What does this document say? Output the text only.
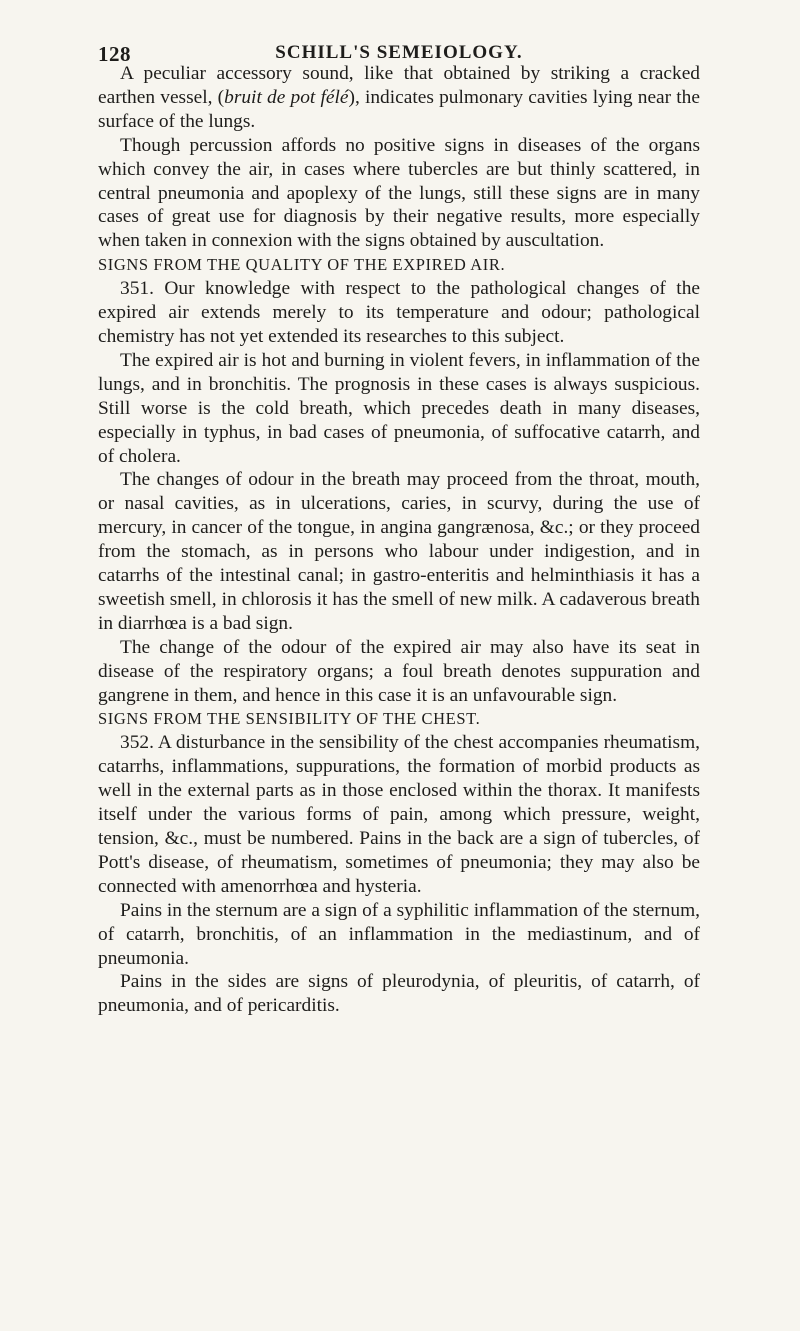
128	SCHILL'S SEMEIOLOGY.

A peculiar accessory sound, like that obtained by striking a cracked earthen vessel, (bruit de pot félé), indicates pulmonary cavities lying near the surface of the lungs.

Though percussion affords no positive signs in diseases of the organs which convey the air, in cases where tubercles are but thinly scattered, in central pneumonia and apoplexy of the lungs, still these signs are in many cases of great use for diagnosis by their negative results, more especially when taken in connexion with the signs obtained by auscultation.

SIGNS FROM THE QUALITY OF THE EXPIRED AIR.

351. Our knowledge with respect to the pathological changes of the expired air extends merely to its temperature and odour; pathological chemistry has not yet extended its researches to this subject.

The expired air is hot and burning in violent fevers, in inflammation of the lungs, and in bronchitis. The prognosis in these cases is always suspicious. Still worse is the cold breath, which precedes death in many diseases, especially in typhus, in bad cases of pneumonia, of suffocative catarrh, and of cholera.

The changes of odour in the breath may proceed from the throat, mouth, or nasal cavities, as in ulcerations, caries, in scurvy, during the use of mercury, in cancer of the tongue, in angina gangrænosa, &c.; or they proceed from the stomach, as in persons who labour under indigestion, and in catarrhs of the intestinal canal; in gastro-enteritis and helminthiasis it has a sweetish smell, in chlorosis it has the smell of new milk. A cadaverous breath in diarrhœa is a bad sign.

The change of the odour of the expired air may also have its seat in disease of the respiratory organs; a foul breath denotes suppuration and gangrene in them, and hence in this case it is an unfavourable sign.

SIGNS FROM THE SENSIBILITY OF THE CHEST.

352. A disturbance in the sensibility of the chest accompanies rheumatism, catarrhs, inflammations, suppurations, the formation of morbid products as well in the external parts as in those enclosed within the thorax. It manifests itself under the various forms of pain, among which pressure, weight, tension, &c., must be numbered. Pains in the back are a sign of tubercles, of Pott's disease, of rheumatism, sometimes of pneumonia; they may also be connected with amenorrhœa and hysteria.

Pains in the sternum are a sign of a syphilitic inflammation of the sternum, of catarrh, bronchitis, of an inflammation in the mediastinum, and of pneumonia.

Pains in the sides are signs of pleurodynia, of pleuritis, of catarrh, of pneumonia, and of pericarditis.
